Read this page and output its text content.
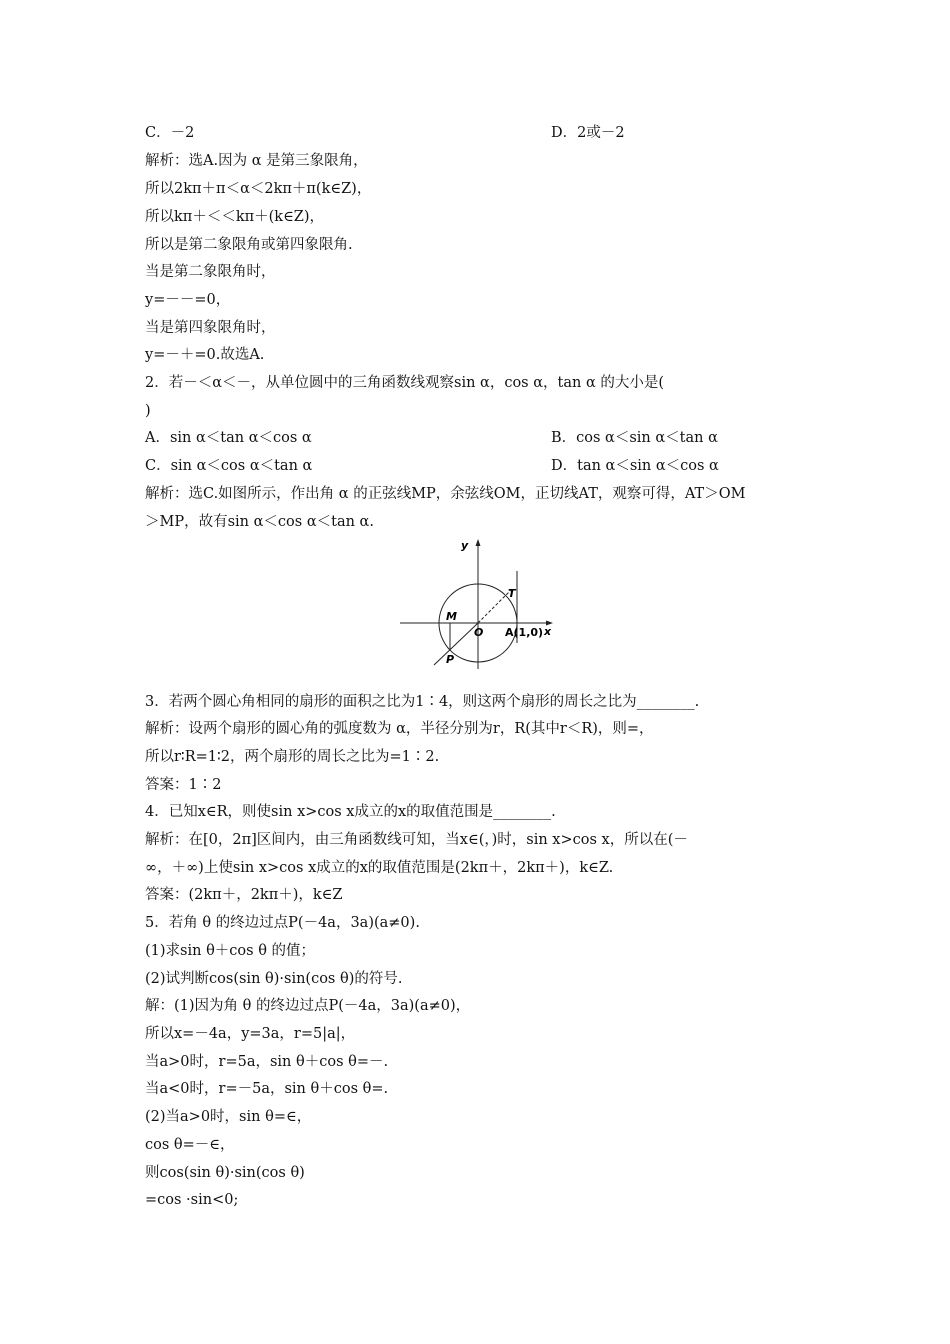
C．－2
解析：选A.因为 α 是第三象限角，
所以2kπ＋π＜α＜2kπ＋π(k∈Z)，
所以kπ＋＜＜kπ＋(k∈Z)，
所以是第二象限角或第四象限角.
当是第二象限角时，
y=－－=0，
当是第四象限角时，
y=－＋=0.故选A.
2．若－＜α＜－，从单位圆中的三角函数线观察sin α，cos α，tan α 的大小是(
)
A．sin α＜tan α＜cos α
C．sin α＜cos α＜tan α
解析：选C.如图所示，作出角 α 的正弦线MP，余弦线OM，正切线AT，观察可得，AT＞OM
＞MP，故有sin α＜cos α＜tan α.
3．若两个圆心角相同的扇形的面积之比为1∶4，则这两个扇形的周长之比为________.
解析：设两个扇形的圆心角的弧度数为 α，半径分别为r，R(其中r＜R)，则=，
所以r∶R=1∶2，两个扇形的周长之比为=1∶2.
答案：1∶2
4．已知x∈R，则使sin x>cos x成立的x的取值范围是________.
解析：在[0，2π]区间内，由三角函数线可知，当x∈(，)时，sin x>cos x，所以在(－
∞，＋∞)上使sin x>cos x成立的x的取值范围是(2kπ＋，2kπ＋)，k∈Z.
答案：(2kπ＋，2kπ＋)，k∈Z
5．若角 θ 的终边过点P(－4a，3a)(a≠0).
(1)求sin θ＋cos θ 的值；
(2)试判断cos(sin θ)·sin(cos θ)的符号.
解：(1)因为角 θ 的终边过点P(－4a，3a)(a≠0)，
所以x=－4a，y=3a，r=5|a|，
当a>0时，r=5a，sin θ＋cos θ=－.
当a<0时，r=－5a，sin θ＋cos θ=.
(2)当a>0时，sin θ=∈，
cos θ=－∈，
则cos(sin θ)·sin(cos θ)
=cos ·sin<0;
D．2或－2
B．cos α＜sin α＜tan α
D．tan α＜sin α＜cos α
y
x
M
O
P
T
A(1,0)
